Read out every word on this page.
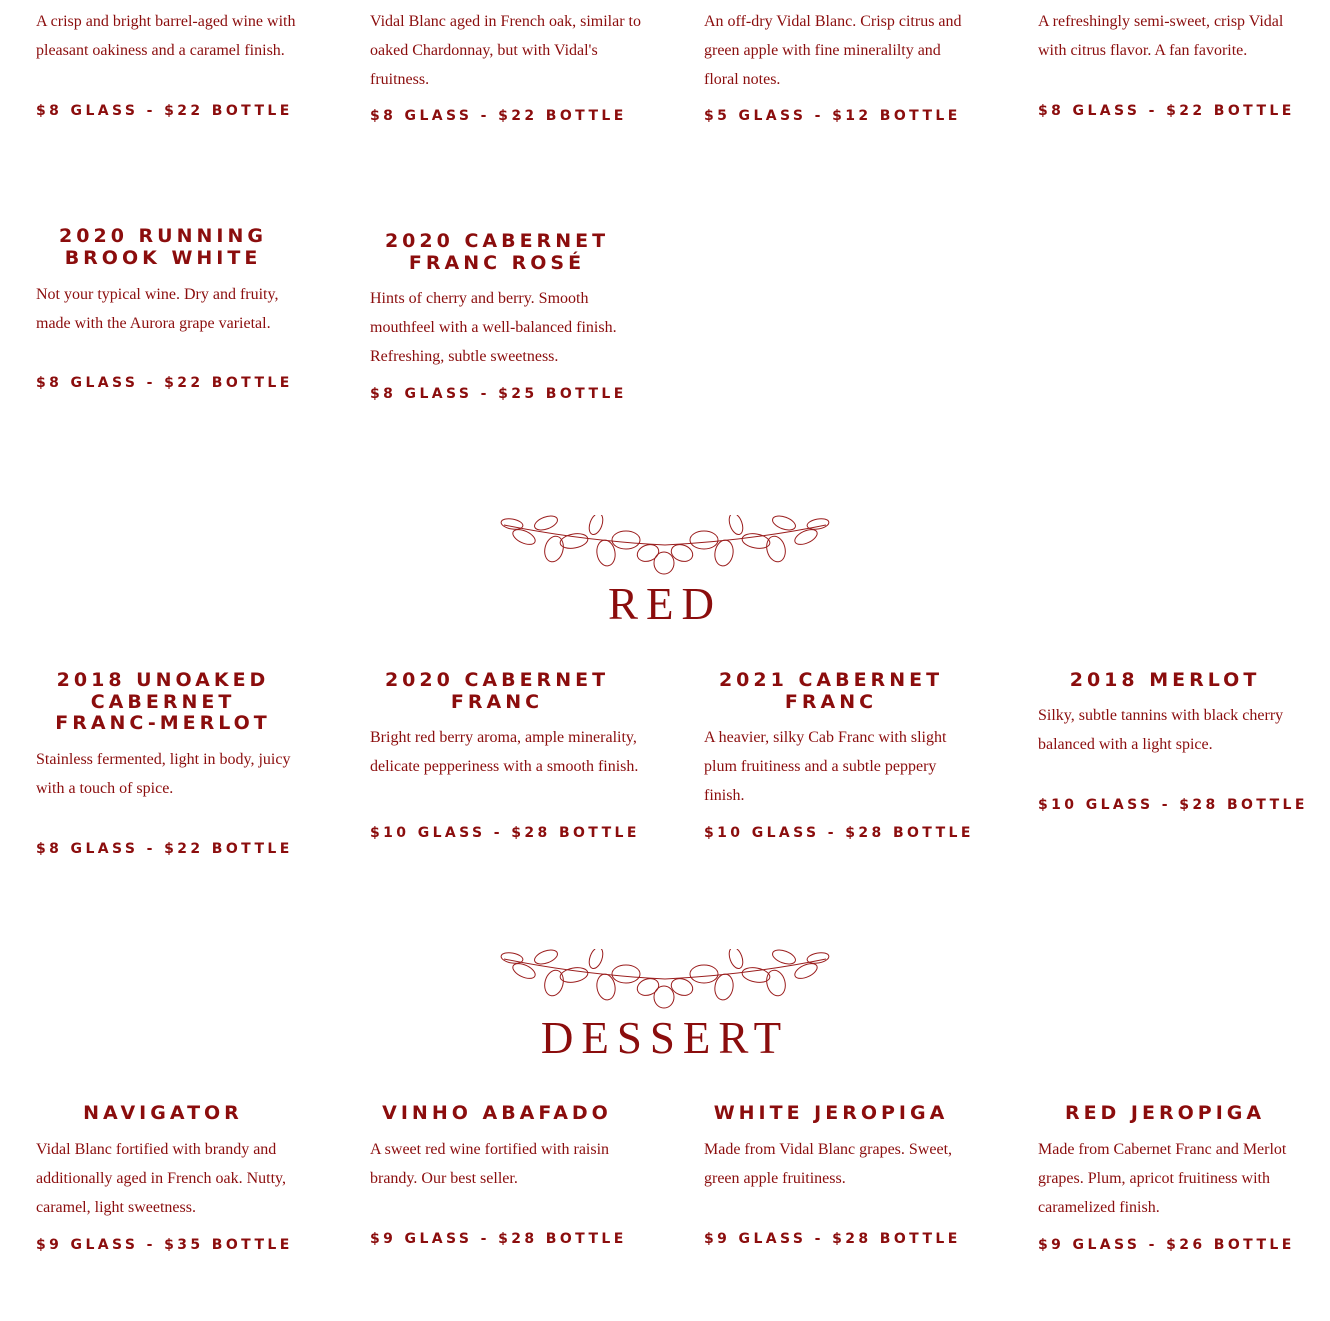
A crisp and bright barrel-aged wine with pleasant oakiness and a caramel finish.
$8 GLASS - $22 BOTTLE
Vidal Blanc aged in French oak, similar to oaked Chardonnay, but with Vidal's fruitness.
$8 GLASS - $22 BOTTLE
An off-dry Vidal Blanc. Crisp citrus and green apple with fine mineralilty and floral notes.
$5 GLASS - $12 BOTTLE
A refreshingly semi-sweet, crisp Vidal with citrus flavor. A fan favorite.
$8 GLASS - $22 BOTTLE
2020 RUNNING BROOK WHITE
Not your typical wine. Dry and fruity, made with the Aurora grape varietal.
$8 GLASS - $22 BOTTLE
2020 CABERNET FRANC ROSÉ
Hints of cherry and berry. Smooth mouthfeel with a well-balanced finish. Refreshing, subtle sweetness.
$8 GLASS - $25 BOTTLE
RED
2018 UNOAKED CABERNET FRANC-MERLOT
Stainless fermented, light in body, juicy with a touch of spice.
$8 GLASS - $22 BOTTLE
2020 CABERNET FRANC
Bright red berry aroma, ample minerality, delicate pepperiness with a smooth finish.
$10 GLASS - $28 BOTTLE
2021 CABERNET FRANC
A heavier, silky Cab Franc with slight plum fruitiness and a subtle peppery finish.
$10 GLASS - $28 BOTTLE
2018 MERLOT
Silky, subtle tannins with black cherry balanced with a light spice.
$10 GLASS - $28 BOTTLE
DESSERT
NAVIGATOR
Vidal Blanc fortified with brandy and additionally aged in French oak. Nutty, caramel, light sweetness.
$9 GLASS - $35 BOTTLE
VINHO ABAFADO
A sweet red wine fortified with raisin brandy. Our best seller.
$9 GLASS - $28 BOTTLE
WHITE JEROPIGA
Made from Vidal Blanc grapes. Sweet, green apple fruitiness.
$9 GLASS - $28 BOTTLE
RED JEROPIGA
Made from Cabernet Franc and Merlot grapes. Plum, apricot fruitiness with caramelized finish.
$9 GLASS - $26 BOTTLE
